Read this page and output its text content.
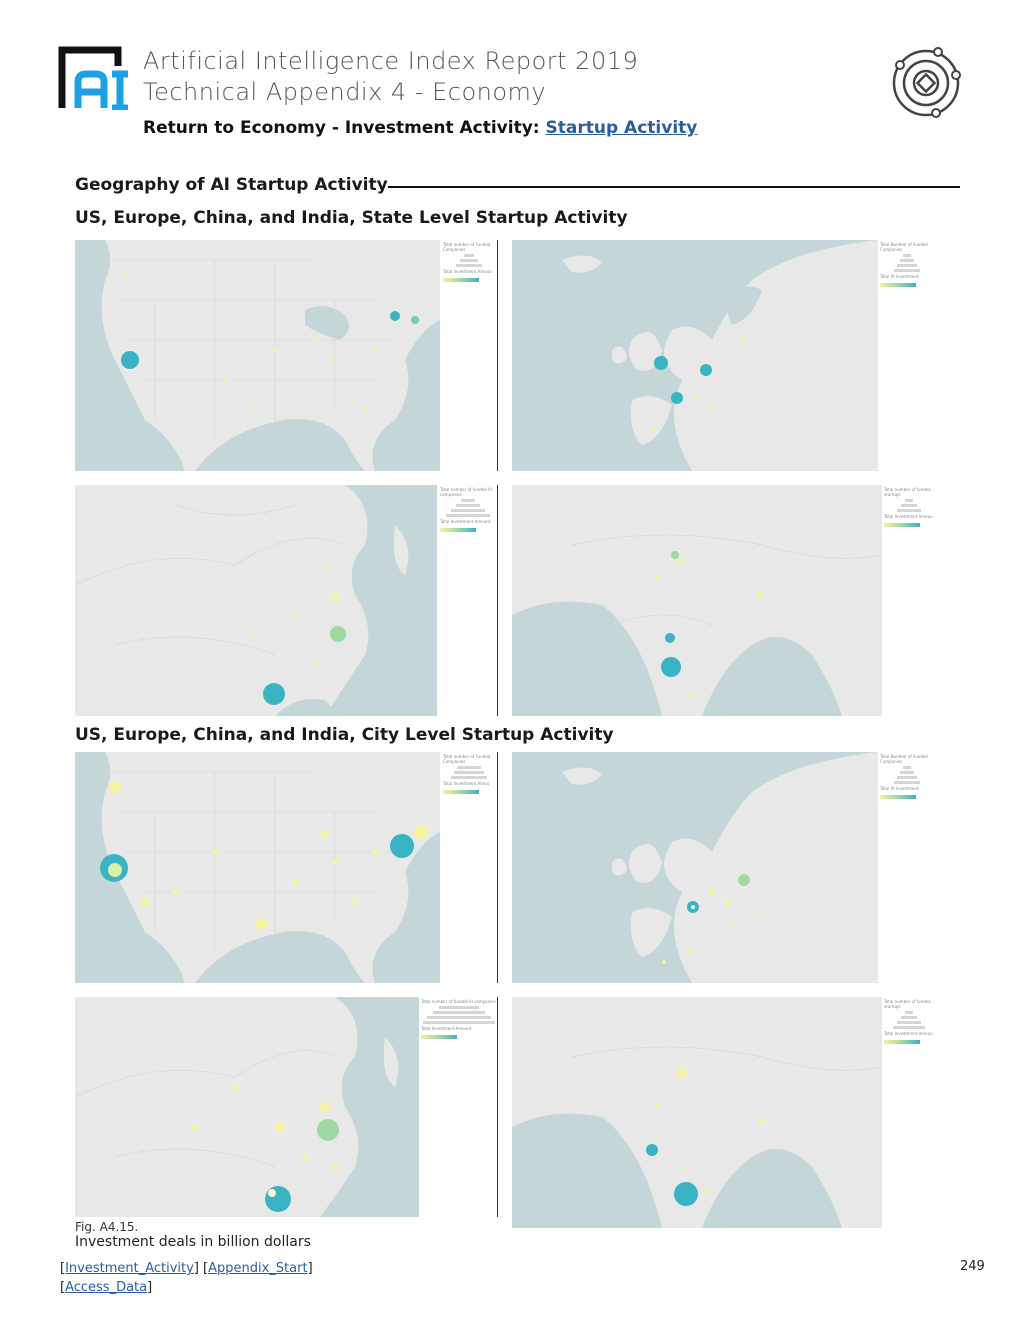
Artificial Intelligence Index Report 2019
Technical Appendix 4 - Economy
Return to Economy - Investment Activity: Startup Activity
Geography of AI Startup Activity
US, Europe, China, and India, State Level Startup Activity
US, Europe, China, and India, City Level Startup Activity
Total number of Funded Companies
Total Investment Amoun
Total Number of Funded Companies
Total AI Investment
Total number of funded AI companies
Total Investment Amount
Total number of funded startups
Total Investment Amoun
Total number of Funded Companies
Total Investment Amou
Total Number of Funded Companies
Total AI Investment
Total number of funded AI companies
Total Investment Amount
Total number of funded startups
Total Investment Amoun
Fig. A4.15.
Investment deals in billion dollars
[Investment_Activity] [Appendix_Start]
[Access_Data]
249
